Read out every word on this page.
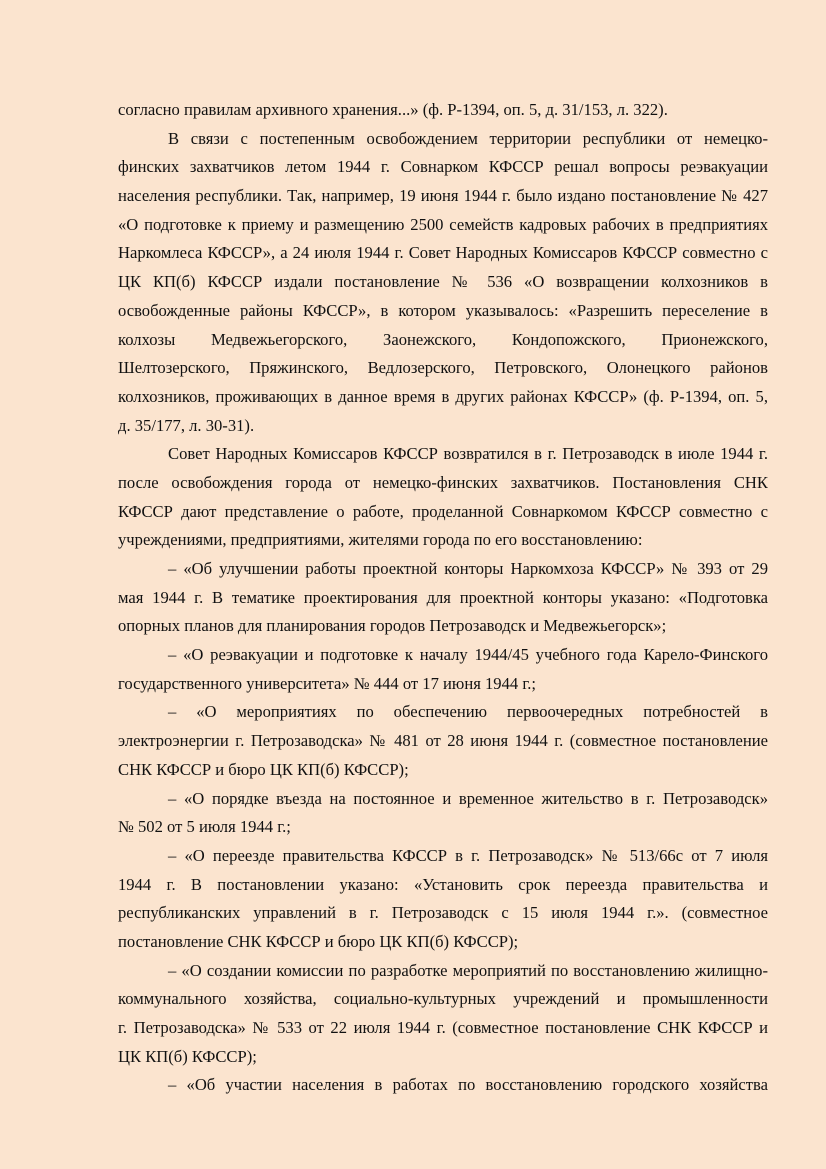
согласно правилам архивного хранения...» (ф. Р-1394, оп. 5, д. 31/153, л. 322).
В связи с постепенным освобождением территории республики от немецко-
финских захватчиков летом 1944 г. Совнарком КФССР решал вопросы реэвакуации
населения республики. Так, например, 19 июня 1944 г. было издано постановление № 427
«О подготовке к приему и размещению 2500 семейств кадровых рабочих в предприятиях
Наркомлеса КФССР», а 24 июля 1944 г. Совет Народных Комиссаров КФССР совместно с
ЦК КП(б) КФССР издали постановление № 536 «О возвращении колхозников в
освобожденные районы КФССР», в котором указывалось: «Разрешить переселение в
колхозы Медвежьегорского, Заонежского, Кондопожского, Прионежского,
Шелтозерского, Пряжинского, Ведлозерского, Петровского, Олонецкого районов
колхозников, проживающих в данное время в других районах КФССР» (ф. Р-1394, оп. 5,
д. 35/177, л. 30-31).
Совет Народных Комиссаров КФССР возвратился в г. Петрозаводск в июле 1944 г.
после освобождения города от немецко-финских захватчиков. Постановления СНК
КФССР дают представление о работе, проделанной Совнаркомом КФССР совместно с
учреждениями, предприятиями, жителями города по его восстановлению:
– «Об улучшении работы проектной конторы Наркомхоза КФССР» № 393 от 29
мая 1944 г. В тематике проектирования для проектной конторы указано: «Подготовка
опорных планов для планирования городов Петрозаводск и Медвежьегорск»;
– «О реэвакуации и подготовке к началу 1944/45 учебного года Карело-Финского
государственного университета» № 444 от 17 июня 1944 г.;
– «О мероприятиях по обеспечению первоочередных потребностей в
электроэнергии г. Петрозаводска» № 481 от 28 июня 1944 г. (совместное постановление
СНК КФССР и бюро ЦК КП(б) КФССР);
– «О порядке въезда на постоянное и временное жительство в г. Петрозаводск»
№ 502 от 5 июля 1944 г.;
– «О переезде правительства КФССР в г. Петрозаводск» № 513/66с от 7 июля
1944 г. В постановлении указано: «Установить срок переезда правительства и
республиканских управлений в г. Петрозаводск с 15 июля 1944 г.». (совместное
постановление СНК КФССР и бюро ЦК КП(б) КФССР);
– «О создании комиссии по разработке мероприятий по восстановлению жилищно-
коммунального хозяйства, социально-культурных учреждений и промышленности
г. Петрозаводска» № 533 от 22 июля 1944 г. (совместное постановление СНК КФССР и
ЦК КП(б) КФССР);
– «Об участии населения в работах по восстановлению городского хозяйства
